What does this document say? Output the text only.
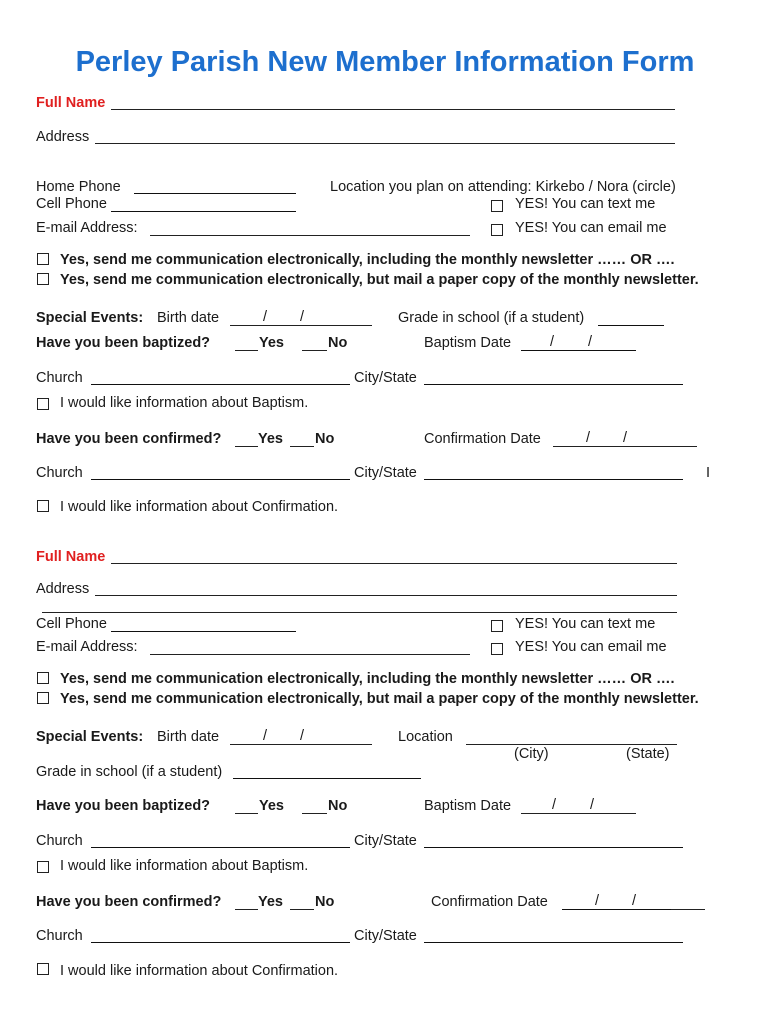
Perley Parish New Member Information Form
Full Name
Address
Home Phone	Location you plan on attending: Kirkebo / Nora (circle)
Cell Phone	YES! You can text me
E-mail Address:	YES! You can email me
Yes, send me communication electronically, including the monthly newsletter …… OR ….
Yes, send me communication electronically, but mail a paper copy of the monthly newsletter.
Special Events: Birth date	/ /	Grade in school (if a student)
Have you been baptized?	Yes	No	Baptism Date	/ /
Church	City/State
I would like information about Baptism.
Have you been confirmed?	Yes No	Confirmation Date	/ /
Church	City/State	I
I would like information about Confirmation.
Full Name
Address
Cell Phone	YES! You can text me
E-mail Address:	YES! You can email me
Yes, send me communication electronically, including the monthly newsletter …… OR ….
Yes, send me communication electronically, but mail a paper copy of the monthly newsletter.
Special Events: Birth date	/ /	Location
(City)	(State)
Grade in school (if a student)
Have you been baptized?	Yes	No	Baptism Date	/ /
Church	City/State
I would like information about Baptism.
Have you been confirmed?	Yes No	Confirmation Date	/ /
Church	City/State
I would like information about Confirmation.
